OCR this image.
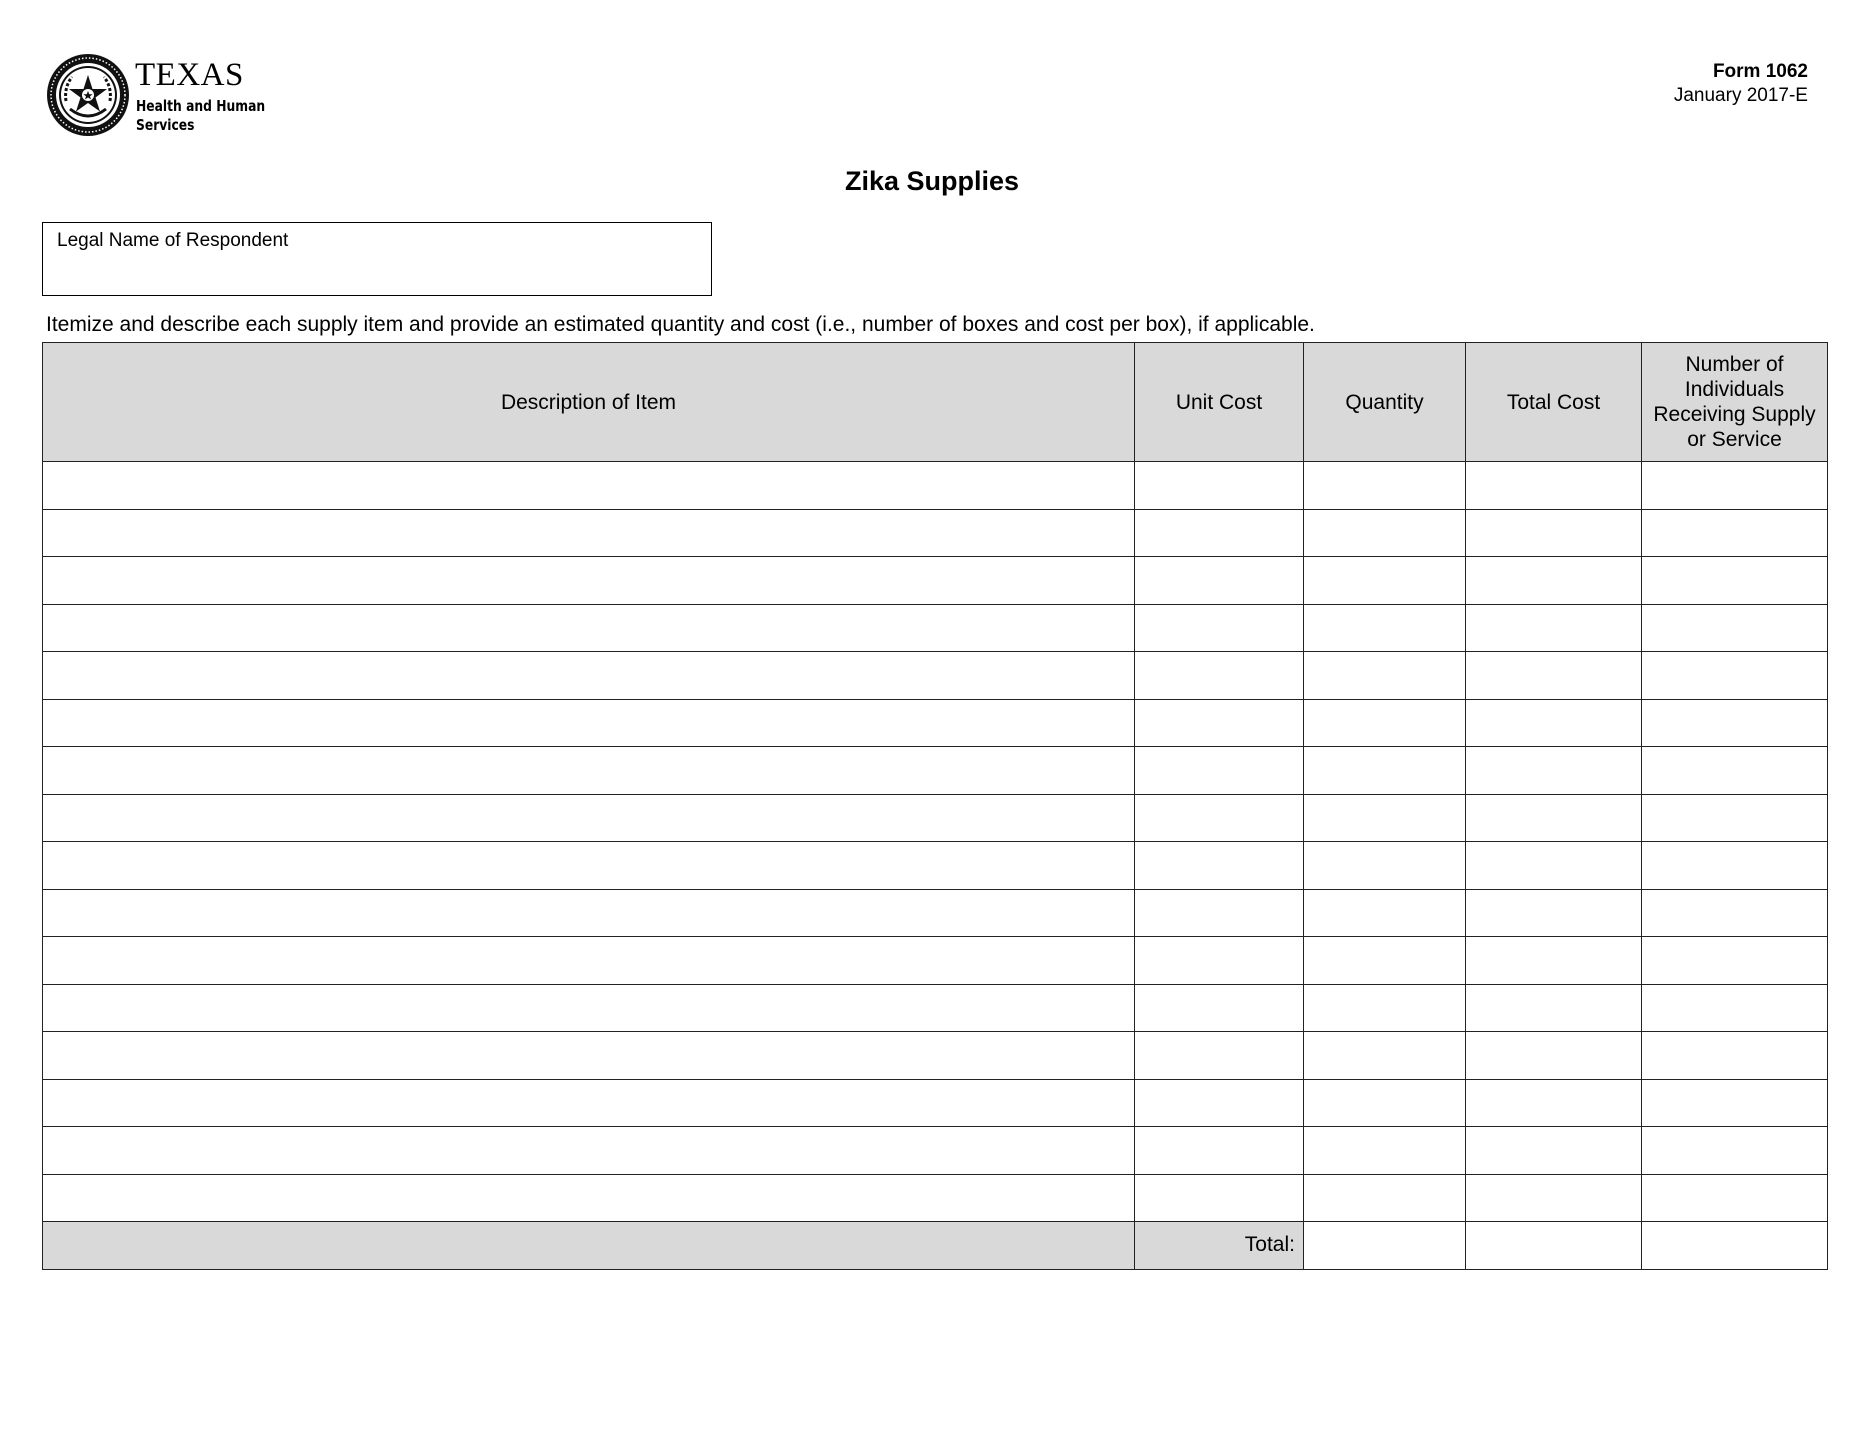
TEXAS
Health and Human
Services
Form 1062
January 2017-E
Zika Supplies
Legal Name of Respondent
Itemize and describe each supply item and provide an estimated quantity and cost (i.e., number of boxes and cost per box), if applicable.
Description of Item	Unit Cost	Quantity	Total Cost	Number of Individuals Receiving Supply or Service

	Total:			
